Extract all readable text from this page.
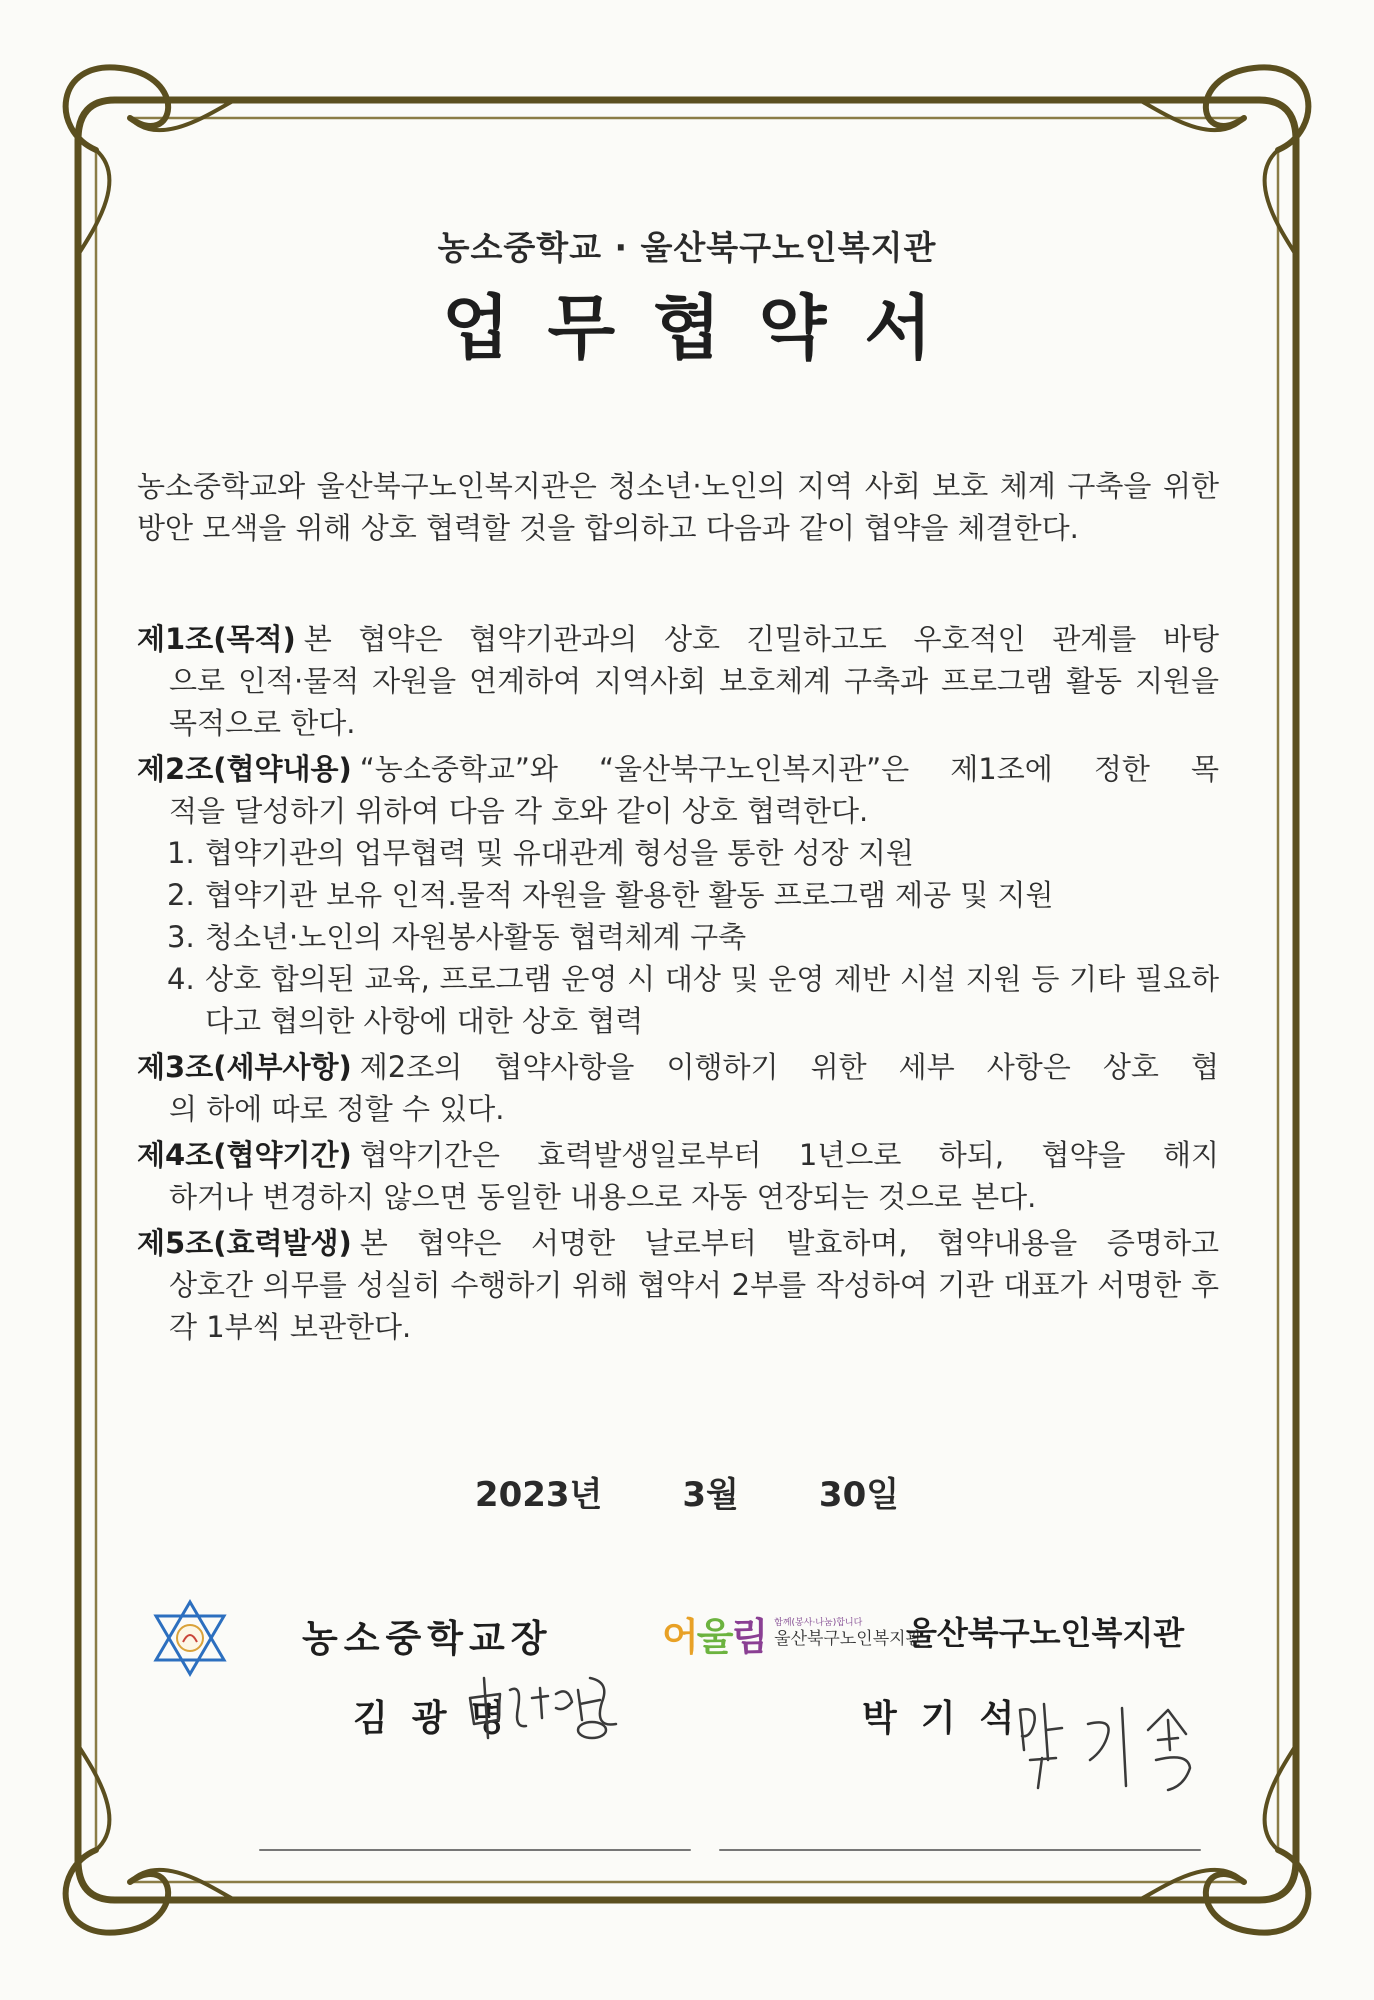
농소중학교 · 울산북구노인복지관
업무협약서
농소중학교와 울산북구노인복지관은 청소년·노인의 지역 사회 보호 체계 구축을 위한 방안 모색을 위해 상호 협력할 것을 합의하고 다음과 같이 협약을 체결한다.
제1조(목적) 본 협약은 협약기관과의 상호 긴밀하고도 우호적인 관계를 바탕
으로 인적·물적 자원을 연계하여 지역사회 보호체계 구축과 프로그램 활동 지원을 목적으로 한다.
제2조(협약내용) “농소중학교”와 “울산북구노인복지관”은 제1조에 정한 목
적을 달성하기 위하여 다음 각 호와 같이 상호 협력한다.
1. 협약기관의 업무협력 및 유대관계 형성을 통한 성장 지원
2. 협약기관 보유 인적.물적 자원을 활용한 활동 프로그램 제공 및 지원
3. 청소년·노인의 자원봉사활동 협력체계 구축
4. 상호 합의된 교육, 프로그램 운영 시 대상 및 운영 제반 시설 지원 등 기타 필요하다고 협의한 사항에 대한 상호 협력
제3조(세부사항) 제2조의 협약사항을 이행하기 위한 세부 사항은 상호 협
의 하에 따로 정할 수 있다.
제4조(협약기간) 협약기간은 효력발생일로부터 1년으로 하되, 협약을 해지
하거나 변경하지 않으면 동일한 내용으로 자동 연장되는 것으로 본다.
제5조(효력발생) 본 협약은 서명한 날로부터 발효하며, 협약내용을 증명하고
상호간 의무를 성실히 수행하기 위해 협약서 2부를 작성하여 기관 대표가 서명한 후 각 1부씩 보관한다.
2023년 3월 30일
농소중학교장
김광명
어울림 함께(봉사·나눔)합니다
울산북구노인복지관
울산북구노인복지관
박기석
